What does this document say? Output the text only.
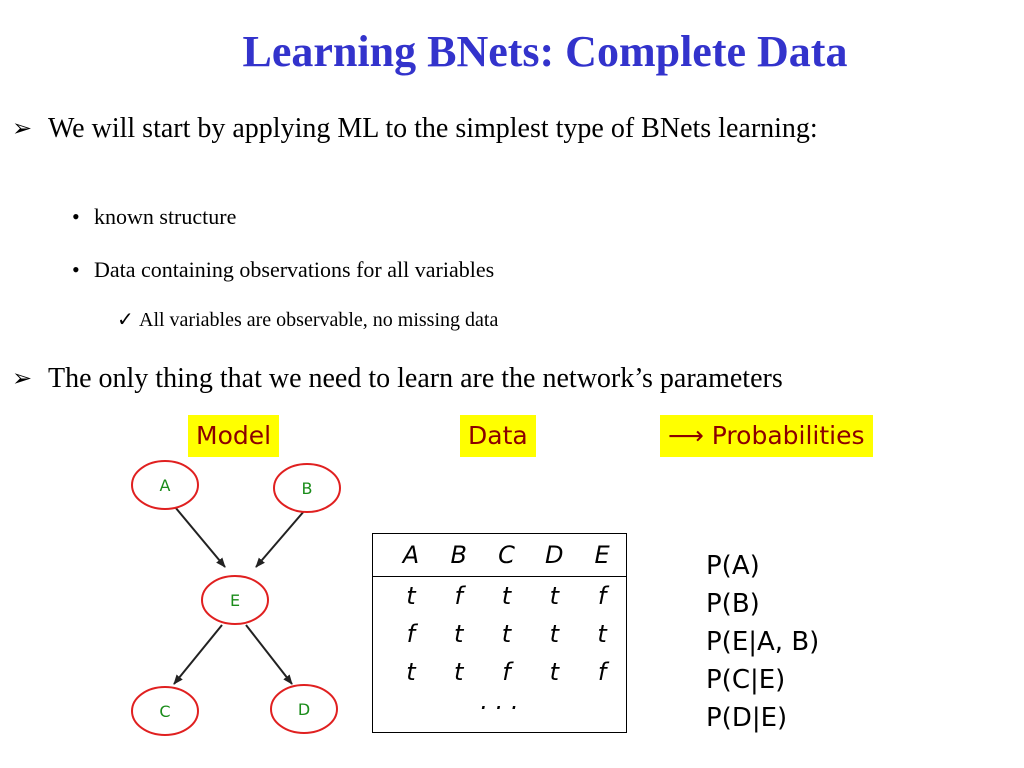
Learning BNets: Complete Data
➢ We will start by applying ML to the simplest type of BNets learning:
• known structure
• Data containing observations for all variables
✓ All variables are observable, no missing data
➢ The only thing that we need to learn are the network’s parameters
Model	Data	⟶ Probabilities
A	B
E
C	D
A	B	C	D	E
t	f	t	t	f
f	t	t	t	t
t	t	f	t	f
. . .
P(A)
P(B)
P(E|A, B)
P(C|E)
P(D|E)
